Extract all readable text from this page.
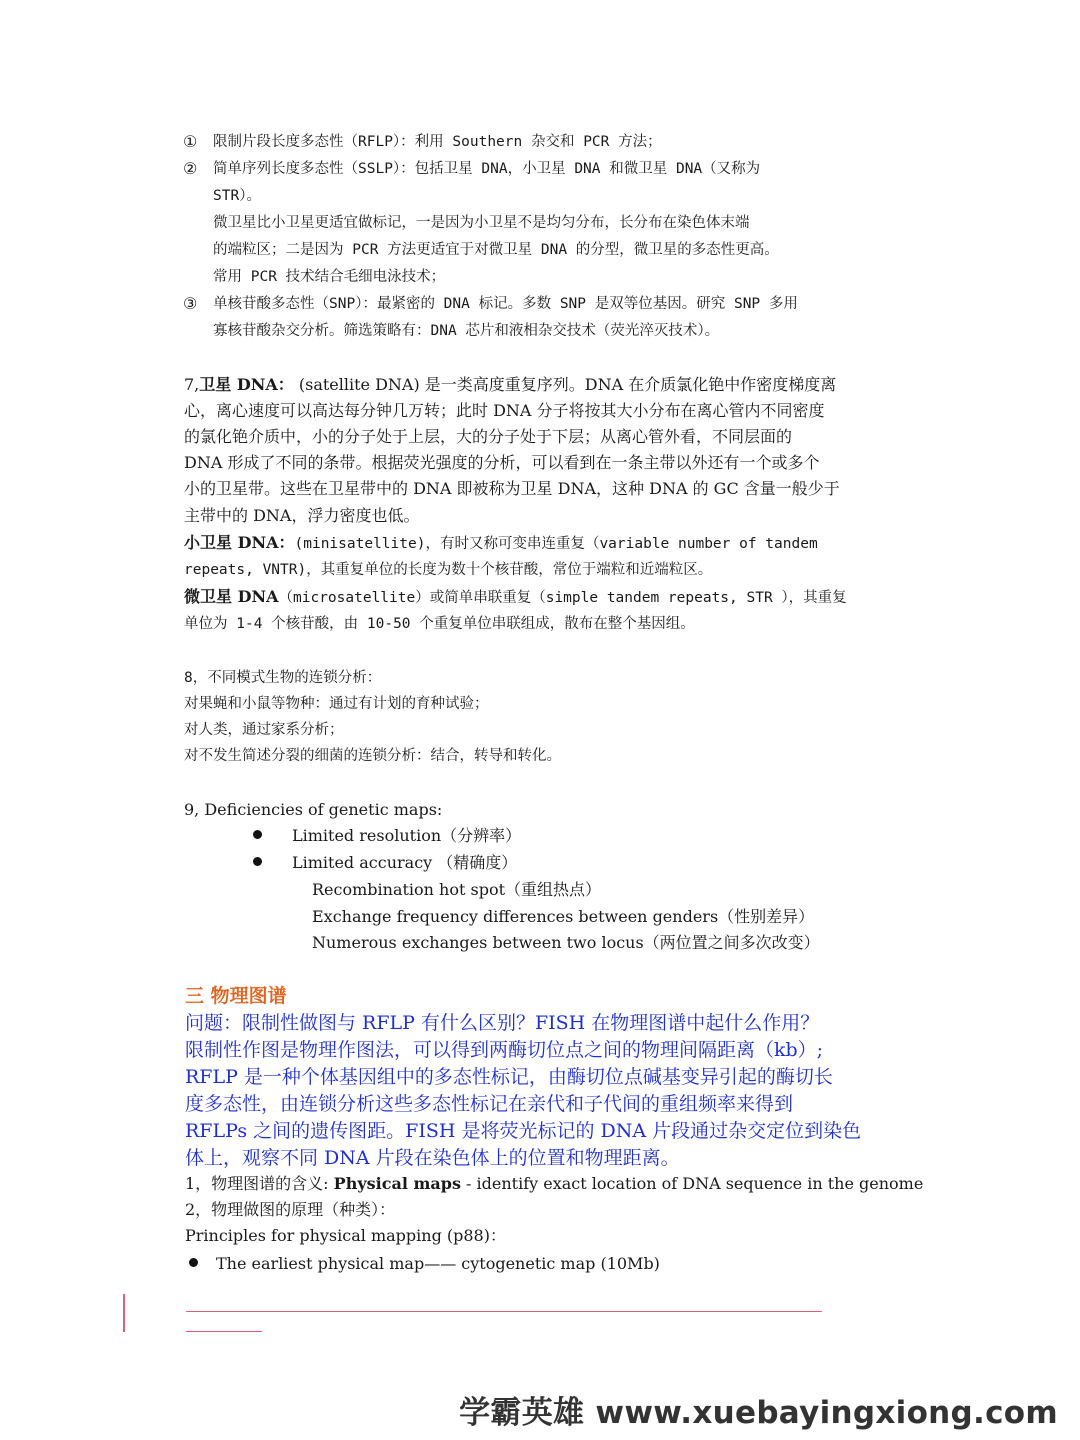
① 限制片段长度多态性（RFLP）：利用 Southern 杂交和 PCR 方法；
② 简单序列长度多态性（SSLP）：包括卫星 DNA，小卫星 DNA 和微卫星 DNA（又称为
STR）。
微卫星比小卫星更适宜做标记，一是因为小卫星不是均匀分布，长分布在染色体末端
的端粒区；二是因为 PCR 方法更适宜于对微卫星 DNA 的分型，微卫星的多态性更高。
常用 PCR 技术结合毛细电泳技术；
③ 单核苷酸多态性（SNP）：最紧密的 DNA 标记。多数 SNP 是双等位基因。研究 SNP 多用
寡核苷酸杂交分析。筛选策略有：DNA 芯片和液相杂交技术（荧光淬灭技术）。
7,卫星 DNA： (satellite DNA) 是一类高度重复序列。DNA 在介质氯化铯中作密度梯度离
心，离心速度可以高达每分钟几万转；此时 DNA 分子将按其大小分布在离心管内不同密度
的氯化铯介质中，小的分子处于上层，大的分子处于下层；从离心管外看，不同层面的
DNA 形成了不同的条带。根据荧光强度的分析，可以看到在一条主带以外还有一个或多个
小的卫星带。这些在卫星带中的 DNA 即被称为卫星 DNA，这种 DNA 的 GC 含量一般少于
主带中的 DNA，浮力密度也低。
小卫星 DNA：(minisatellite)，有时又称可变串连重复（variable number of tandem
repeats, VNTR)，其重复单位的长度为数十个核苷酸，常位于端粒和近端粒区。
微卫星 DNA（microsatellite）或简单串联重复（simple tandem repeats, STR ），其重复
单位为 1-4 个核苷酸，由 10-50 个重复单位串联组成，散布在整个基因组。
8，不同模式生物的连锁分析：
对果蝇和小鼠等物种：通过有计划的育种试验；
对人类，通过家系分析；
对不发生简述分裂的细菌的连锁分析：结合，转导和转化。
9, Deficiencies of genetic maps:
Limited resolution（分辨率）
Limited accuracy （精确度）
Recombination hot spot（重组热点）
Exchange frequency differences between genders（性别差异）
Numerous exchanges between two locus（两位置之间多次改变）
三 物理图谱
问题：限制性做图与 RFLP 有什么区别？FISH 在物理图谱中起什么作用？
限制性作图是物理作图法，可以得到两酶切位点之间的物理间隔距离（kb）;
RFLP 是一种个体基因组中的多态性标记，由酶切位点碱基变异引起的酶切长
度多态性，由连锁分析这些多态性标记在亲代和子代间的重组频率来得到
RFLPs 之间的遗传图距。FISH 是将荧光标记的 DNA 片段通过杂交定位到染色
体上，观察不同 DNA 片段在染色体上的位置和物理距离。
1，物理图谱的含义: Physical maps - identify exact location of DNA sequence in the genome
2，物理做图的原理（种类）：
Principles for physical mapping (p88)：
The earliest physical map—— cytogenetic map (10Mb)
学霸英雄 www.xuebayingxiong.com
